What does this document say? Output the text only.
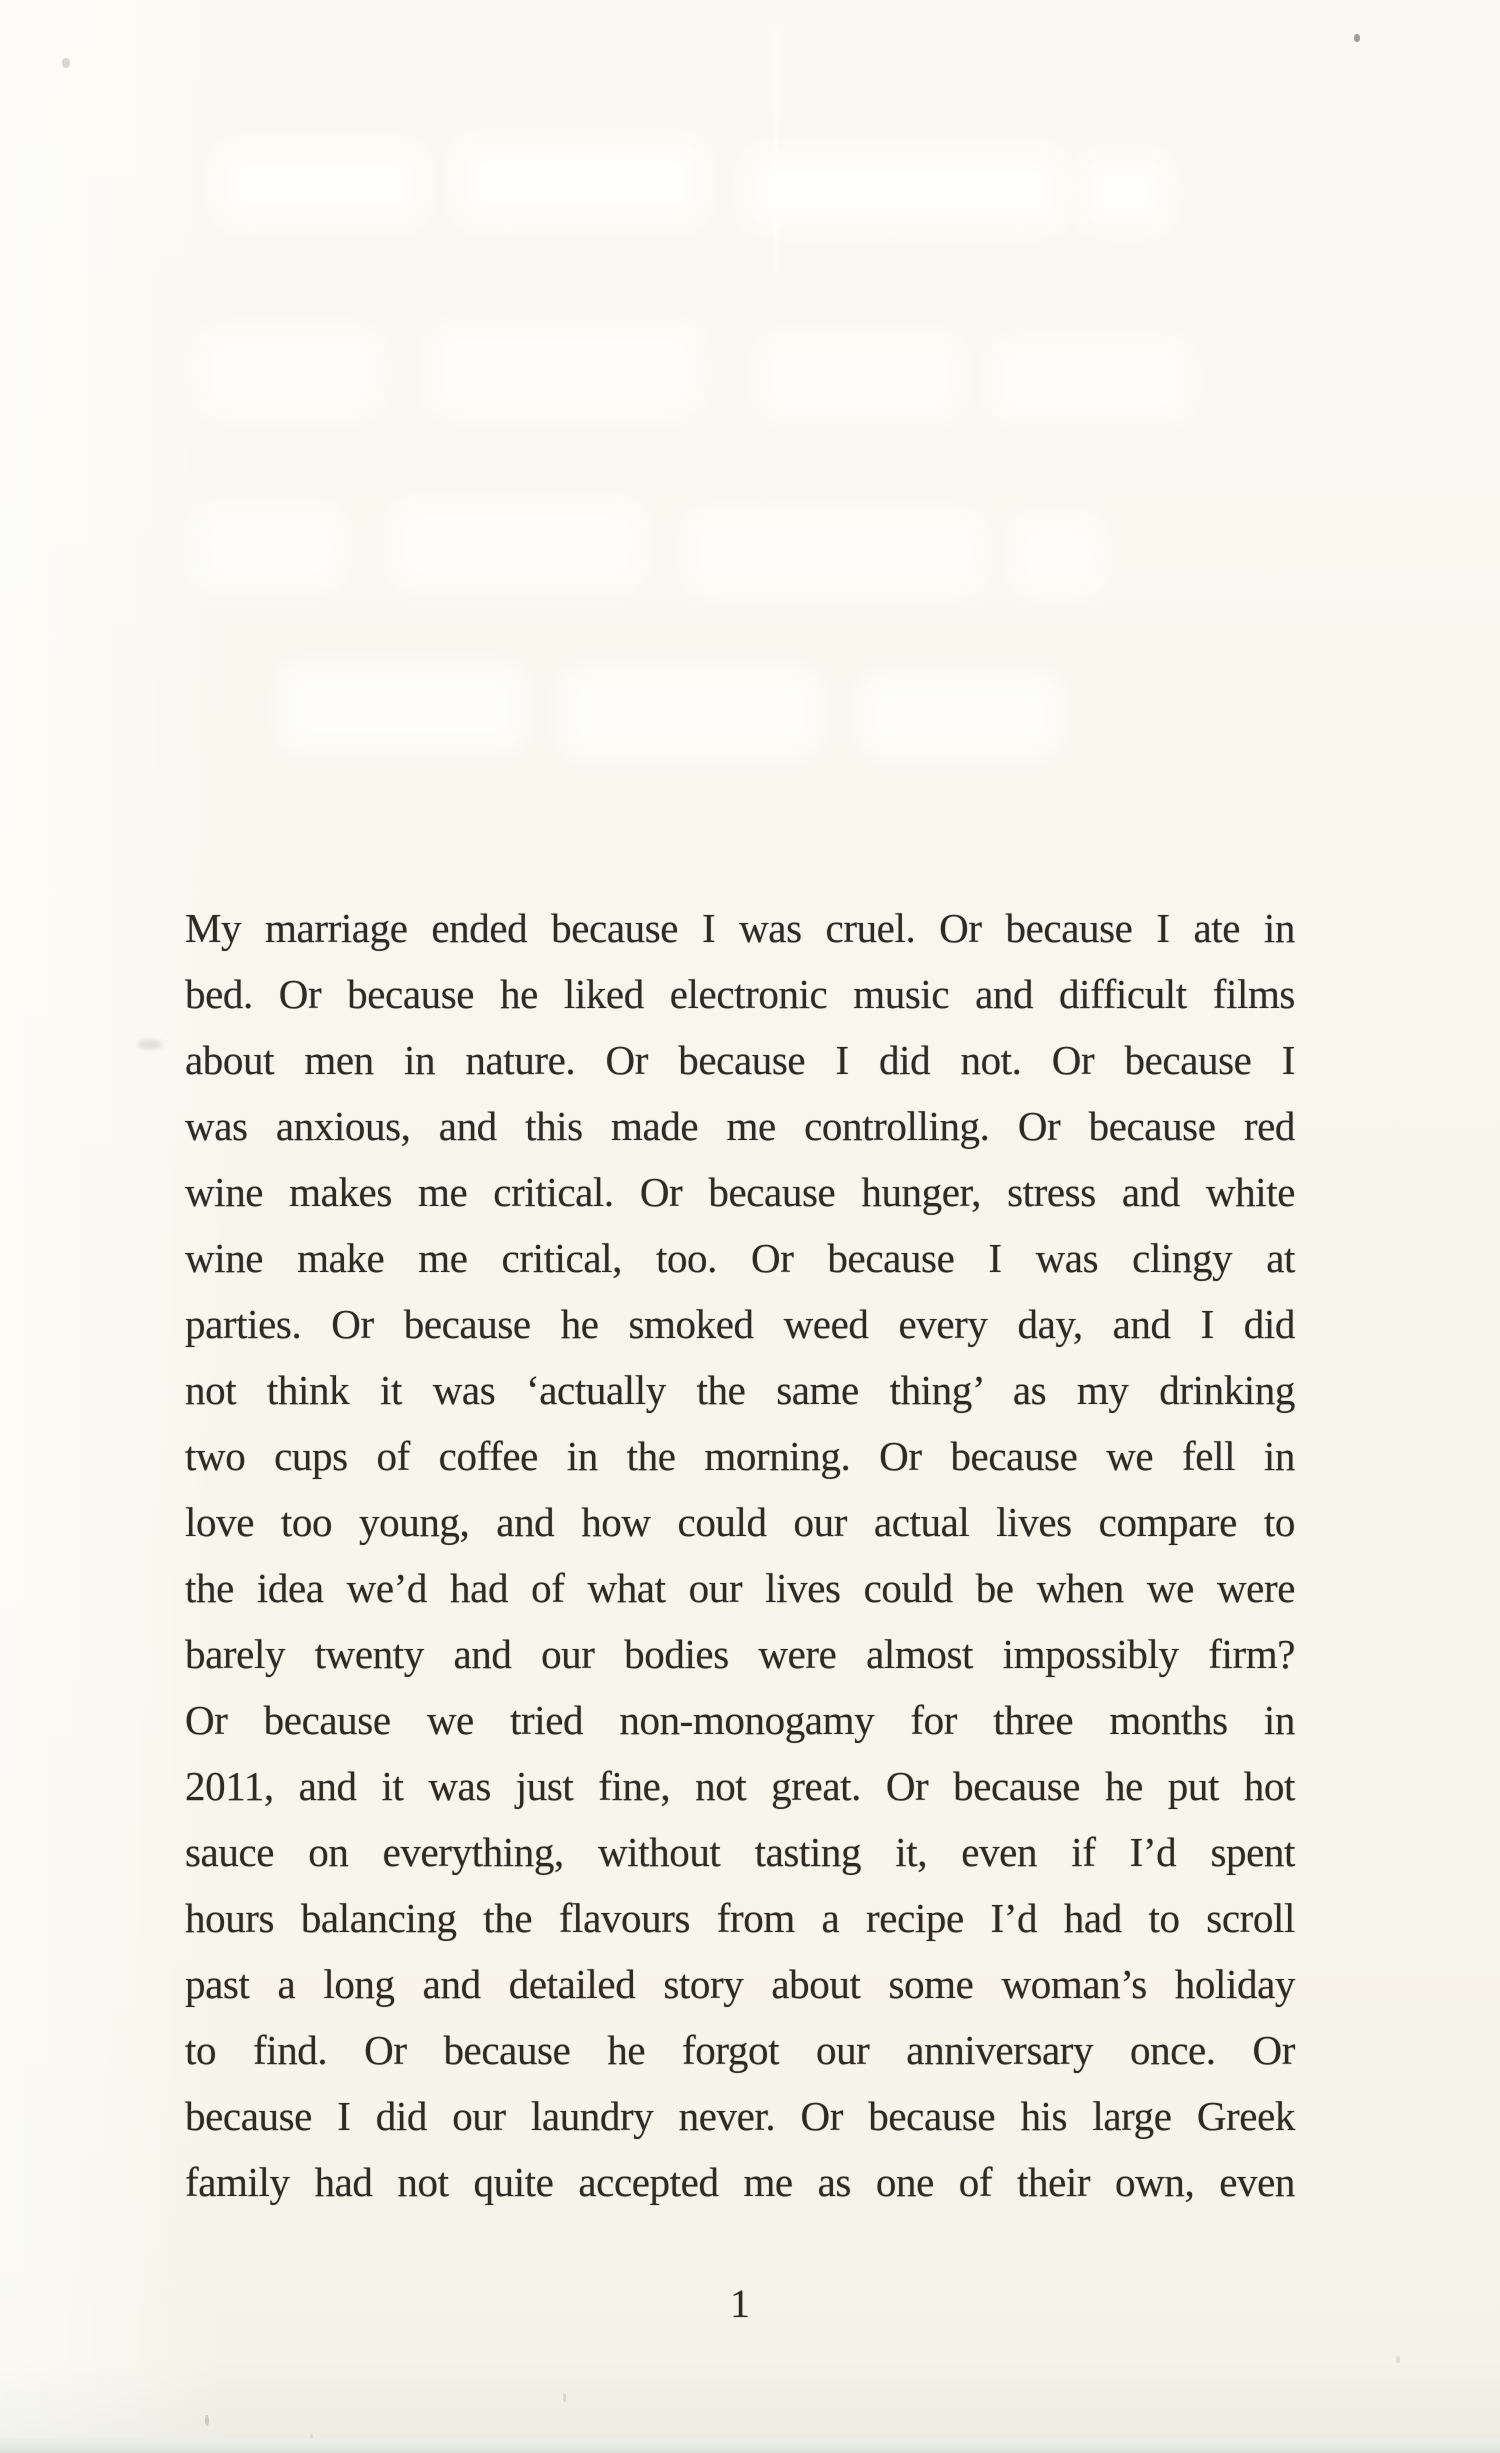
My marriage ended because I was cruel. Or because I ate in
bed. Or because he liked electronic music and difficult films
about men in nature. Or because I did not. Or because I
was anxious, and this made me controlling. Or because red
wine makes me critical. Or because hunger, stress and white
wine make me critical, too. Or because I was clingy at
parties. Or because he smoked weed every day, and I did
not think it was ‘actually the same thing’ as my drinking
two cups of coffee in the morning. Or because we fell in
love too young, and how could our actual lives compare to
the idea we’d had of what our lives could be when we were
barely twenty and our bodies were almost impossibly firm?
Or because we tried non-monogamy for three months in
2011, and it was just fine, not great. Or because he put hot
sauce on everything, without tasting it, even if I’d spent
hours balancing the flavours from a recipe I’d had to scroll
past a long and detailed story about some woman’s holiday
to find. Or because he forgot our anniversary once. Or
because I did our laundry never. Or because his large Greek
family had not quite accepted me as one of their own, even
1
